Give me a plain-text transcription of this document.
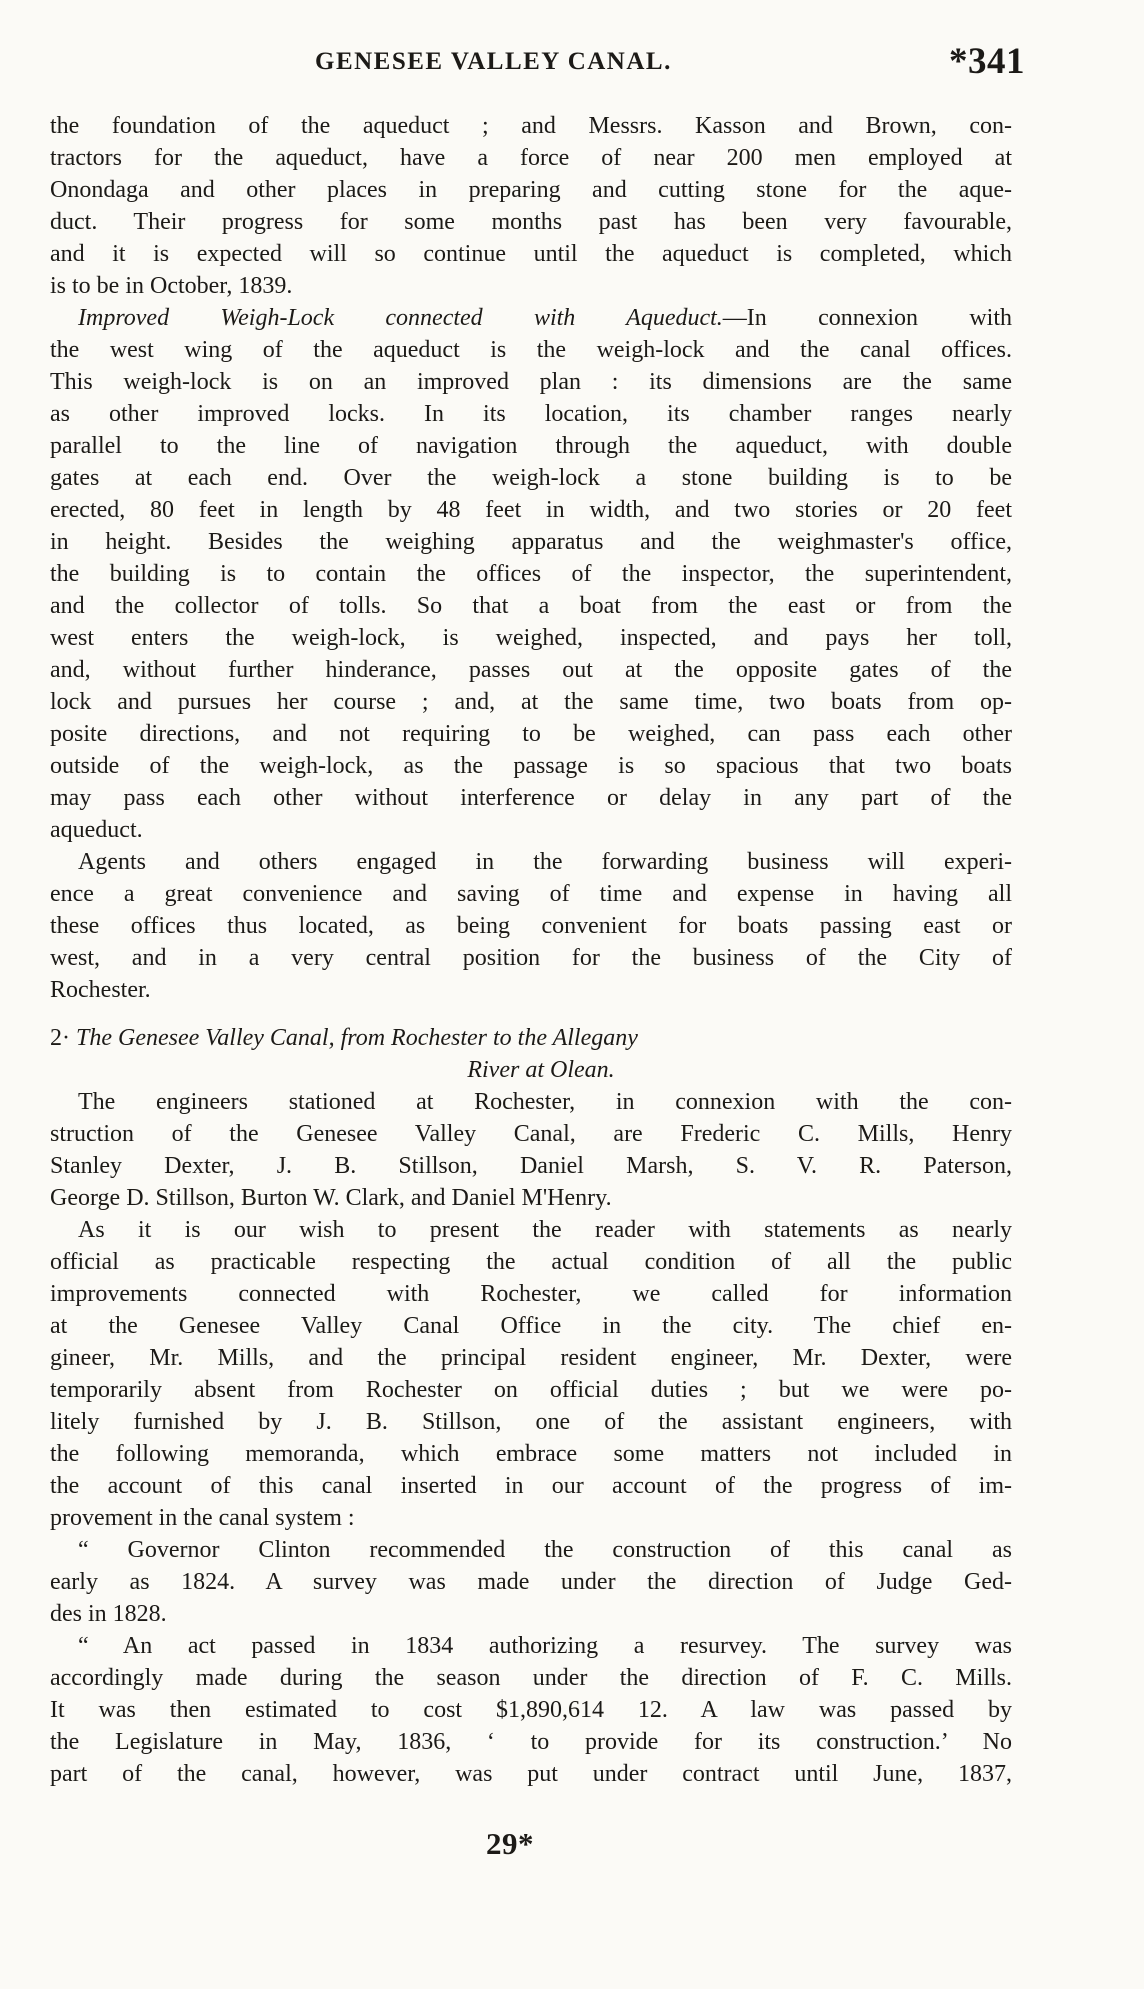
GENESEE VALLEY CANAL.	*341
the foundation of the aqueduct ; and Messrs. Kasson and Brown, con-
tractors for the aqueduct, have a force of near 200 men employed at
Onondaga and other places in preparing and cutting stone for the aque-
duct. Their progress for some months past has been very favourable,
and it is expected will so continue until the aqueduct is completed, which
is to be in October, 1839.
Improved Weigh-Lock connected with Aqueduct.—In connexion with
the west wing of the aqueduct is the weigh-lock and the canal offices.
This weigh-lock is on an improved plan : its dimensions are the same
as other improved locks. In its location, its chamber ranges nearly
parallel to the line of navigation through the aqueduct, with double
gates at each end. Over the weigh-lock a stone building is to be
erected, 80 feet in length by 48 feet in width, and two stories or 20 feet
in height. Besides the weighing apparatus and the weighmaster's office,
the building is to contain the offices of the inspector, the superintendent,
and the collector of tolls. So that a boat from the east or from the
west enters the weigh-lock, is weighed, inspected, and pays her toll,
and, without further hinderance, passes out at the opposite gates of the
lock and pursues her course ; and, at the same time, two boats from op-
posite directions, and not requiring to be weighed, can pass each other
outside of the weigh-lock, as the passage is so spacious that two boats
may pass each other without interference or delay in any part of the
aqueduct.
Agents and others engaged in the forwarding business will experi-
ence a great convenience and saving of time and expense in having all
these offices thus located, as being convenient for boats passing east or
west, and in a very central position for the business of the City of
Rochester.
2· The Genesee Valley Canal, from Rochester to the Allegany
River at Olean.
The engineers stationed at Rochester, in connexion with the con-
struction of the Genesee Valley Canal, are Frederic C. Mills, Henry
Stanley Dexter, J. B. Stillson, Daniel Marsh, S. V. R. Paterson,
George D. Stillson, Burton W. Clark, and Daniel M'Henry.
As it is our wish to present the reader with statements as nearly
official as practicable respecting the actual condition of all the public
improvements connected with Rochester, we called for information
at the Genesee Valley Canal Office in the city. The chief en-
gineer, Mr. Mills, and the principal resident engineer, Mr. Dexter, were
temporarily absent from Rochester on official duties ; but we were po-
litely furnished by J. B. Stillson, one of the assistant engineers, with
the following memoranda, which embrace some matters not included in
the account of this canal inserted in our account of the progress of im-
provement in the canal system :
“ Governor Clinton recommended the construction of this canal as
early as 1824. A survey was made under the direction of Judge Ged-
des in 1828.
“ An act passed in 1834 authorizing a resurvey. The survey was
accordingly made during the season under the direction of F. C. Mills.
It was then estimated to cost $1,890,614 12. A law was passed by
the Legislature in May, 1836, ‘ to provide for its construction.’ No
part of the canal, however, was put under contract until June, 1837,
29*
